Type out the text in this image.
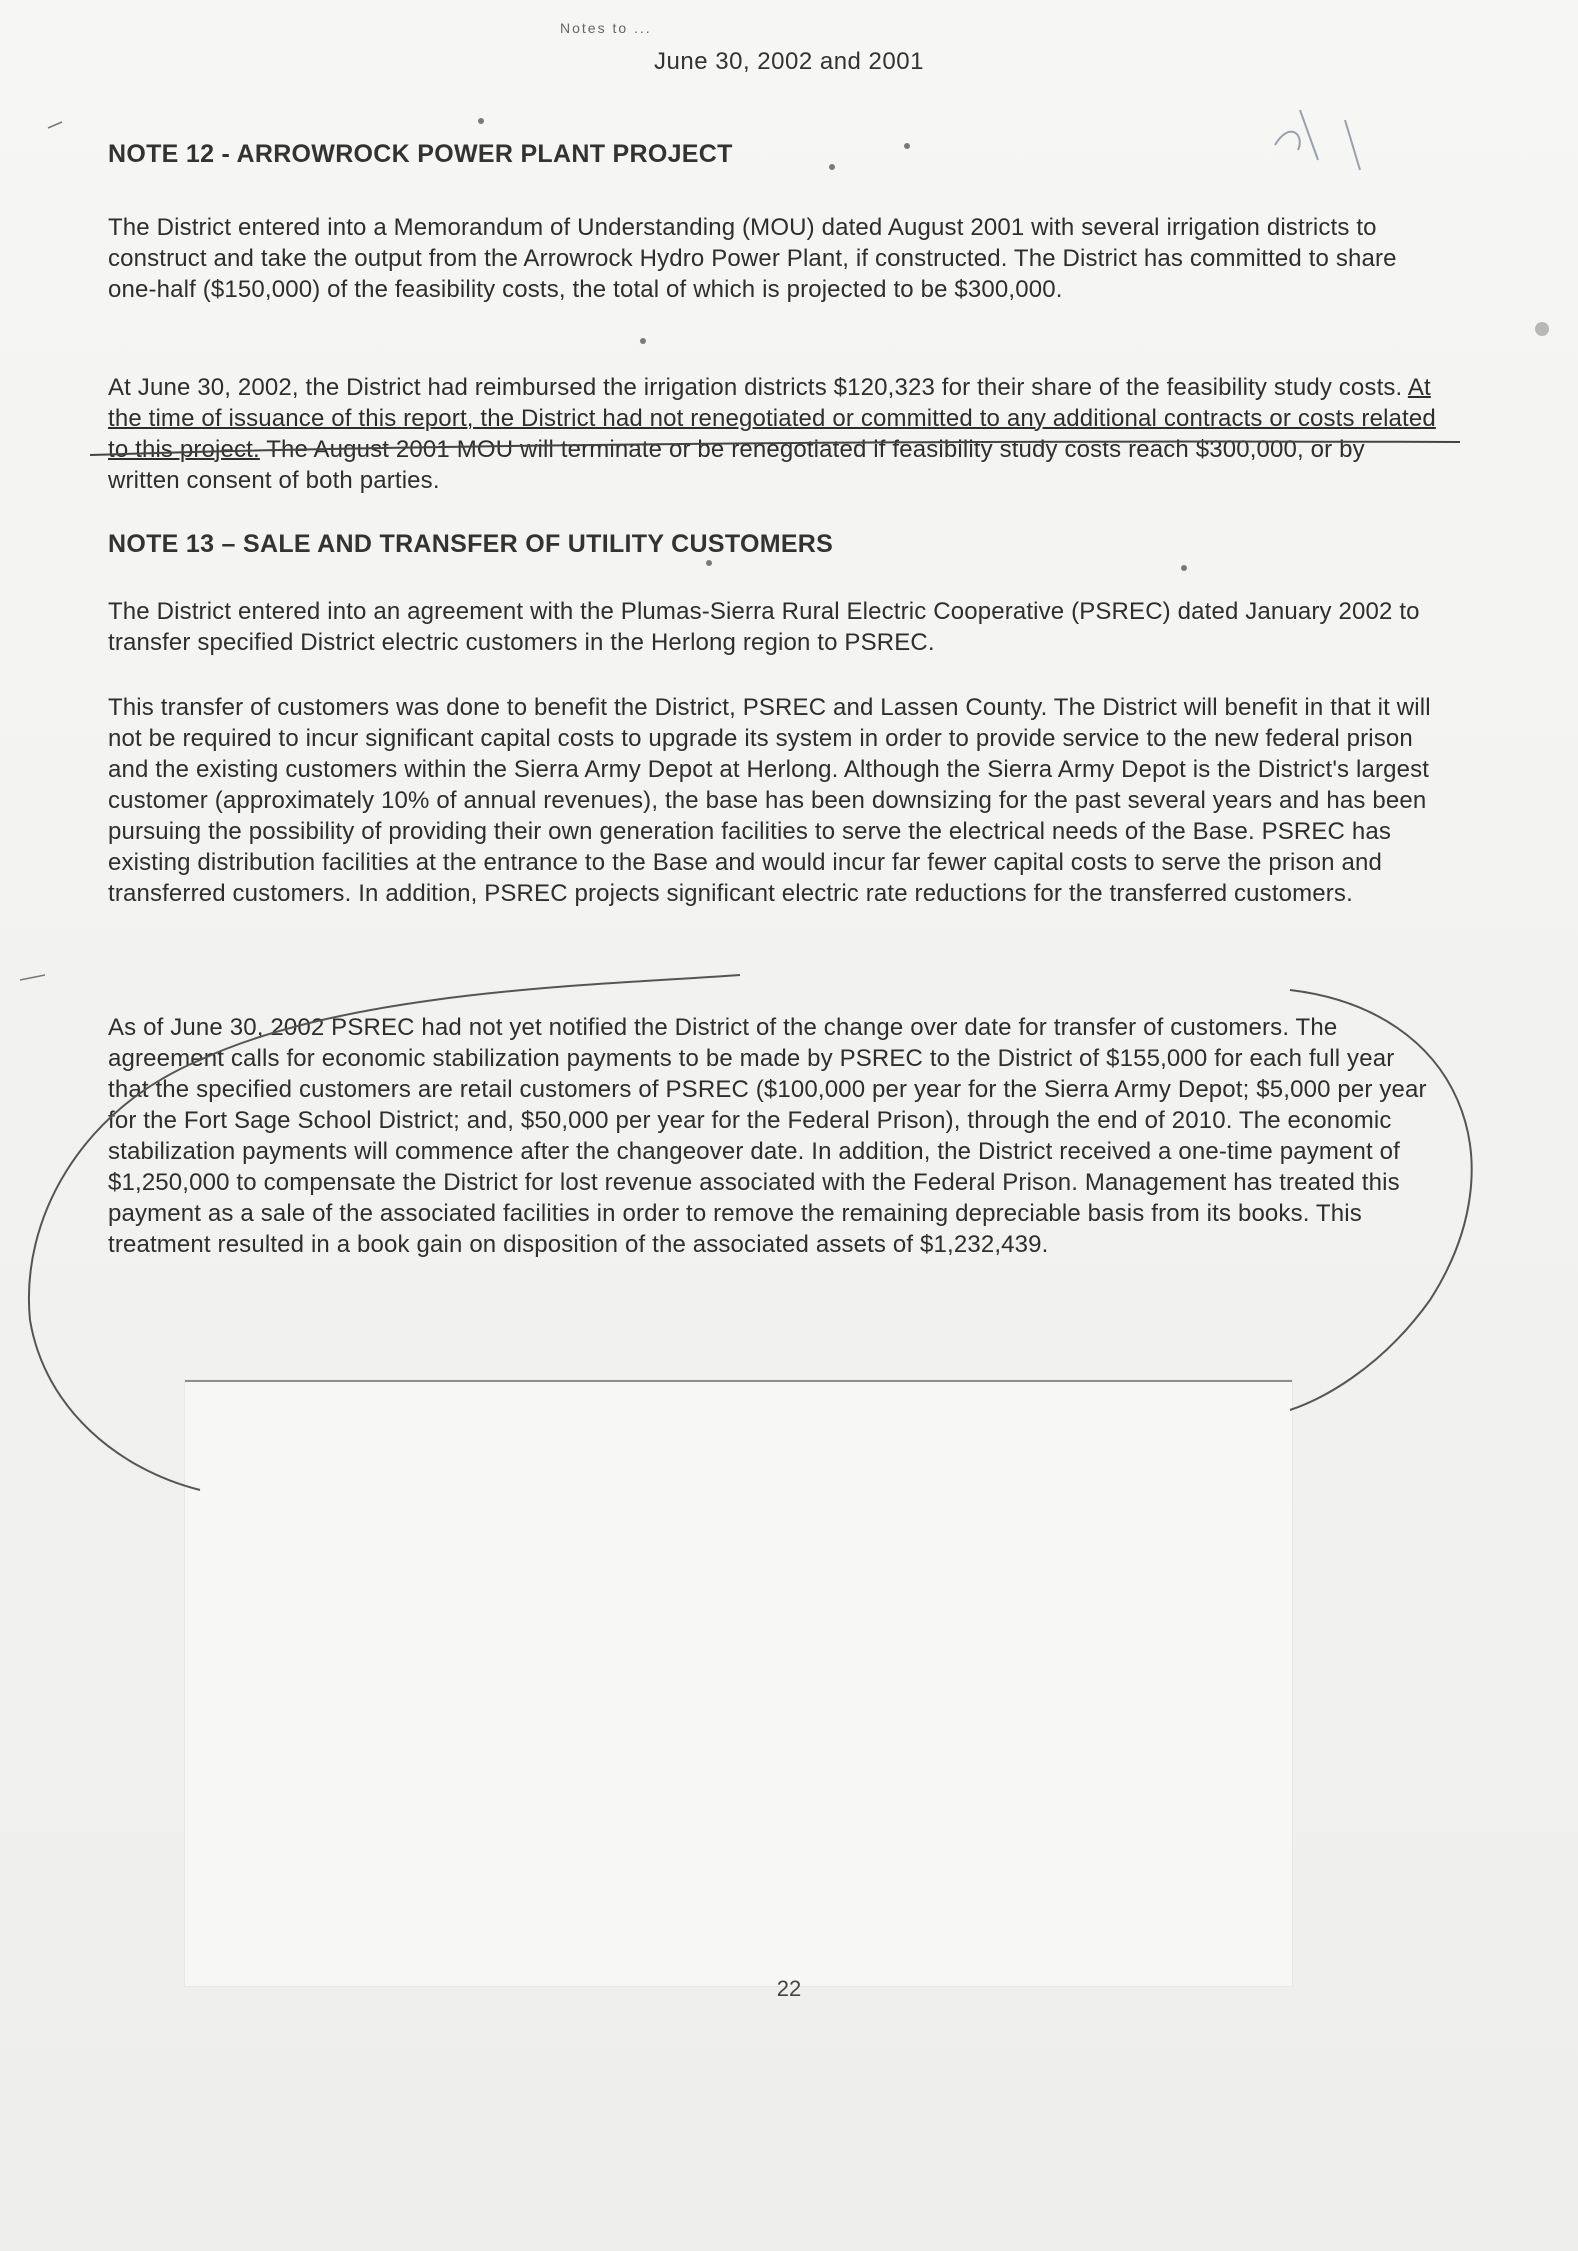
Notes to ...
June 30, 2002 and 2001
NOTE 12 - ARROWROCK POWER PLANT PROJECT

The District entered into a Memorandum of Understanding (MOU) dated August 2001 with several irrigation districts to construct and take the output from the Arrowrock Hydro Power Plant, if constructed. The District has committed to share one-half ($150,000) of the feasibility costs, the total of which is projected to be $300,000.

At June 30, 2002, the District had reimbursed the irrigation districts $120,323 for their share of the feasibility study costs. At the time of issuance of this report, the District had not renegotiated or committed to any additional contracts or costs related to this project. The August 2001 MOU will terminate or be renegotiated if feasibility study costs reach $300,000, or by written consent of both parties.

NOTE 13 – SALE AND TRANSFER OF UTILITY CUSTOMERS

The District entered into an agreement with the Plumas-Sierra Rural Electric Cooperative (PSREC) dated January 2002 to transfer specified District electric customers in the Herlong region to PSREC.

This transfer of customers was done to benefit the District, PSREC and Lassen County. The District will benefit in that it will not be required to incur significant capital costs to upgrade its system in order to provide service to the new federal prison and the existing customers within the Sierra Army Depot at Herlong. Although the Sierra Army Depot is the District's largest customer (approximately 10% of annual revenues), the base has been downsizing for the past several years and has been pursuing the possibility of providing their own generation facilities to serve the electrical needs of the Base. PSREC has existing distribution facilities at the entrance to the Base and would incur far fewer capital costs to serve the prison and transferred customers. In addition, PSREC projects significant electric rate reductions for the transferred customers.

As of June 30, 2002 PSREC had not yet notified the District of the change over date for transfer of customers. The agreement calls for economic stabilization payments to be made by PSREC to the District of $155,000 for each full year that the specified customers are retail customers of PSREC ($100,000 per year for the Sierra Army Depot; $5,000 per year for the Fort Sage School District; and, $50,000 per year for the Federal Prison), through the end of 2010. The economic stabilization payments will commence after the changeover date. In addition, the District received a one-time payment of $1,250,000 to compensate the District for lost revenue associated with the Federal Prison. Management has treated this payment as a sale of the associated facilities in order to remove the remaining depreciable basis from its books. This treatment resulted in a book gain on disposition of the associated assets of $1,232,439.

22
